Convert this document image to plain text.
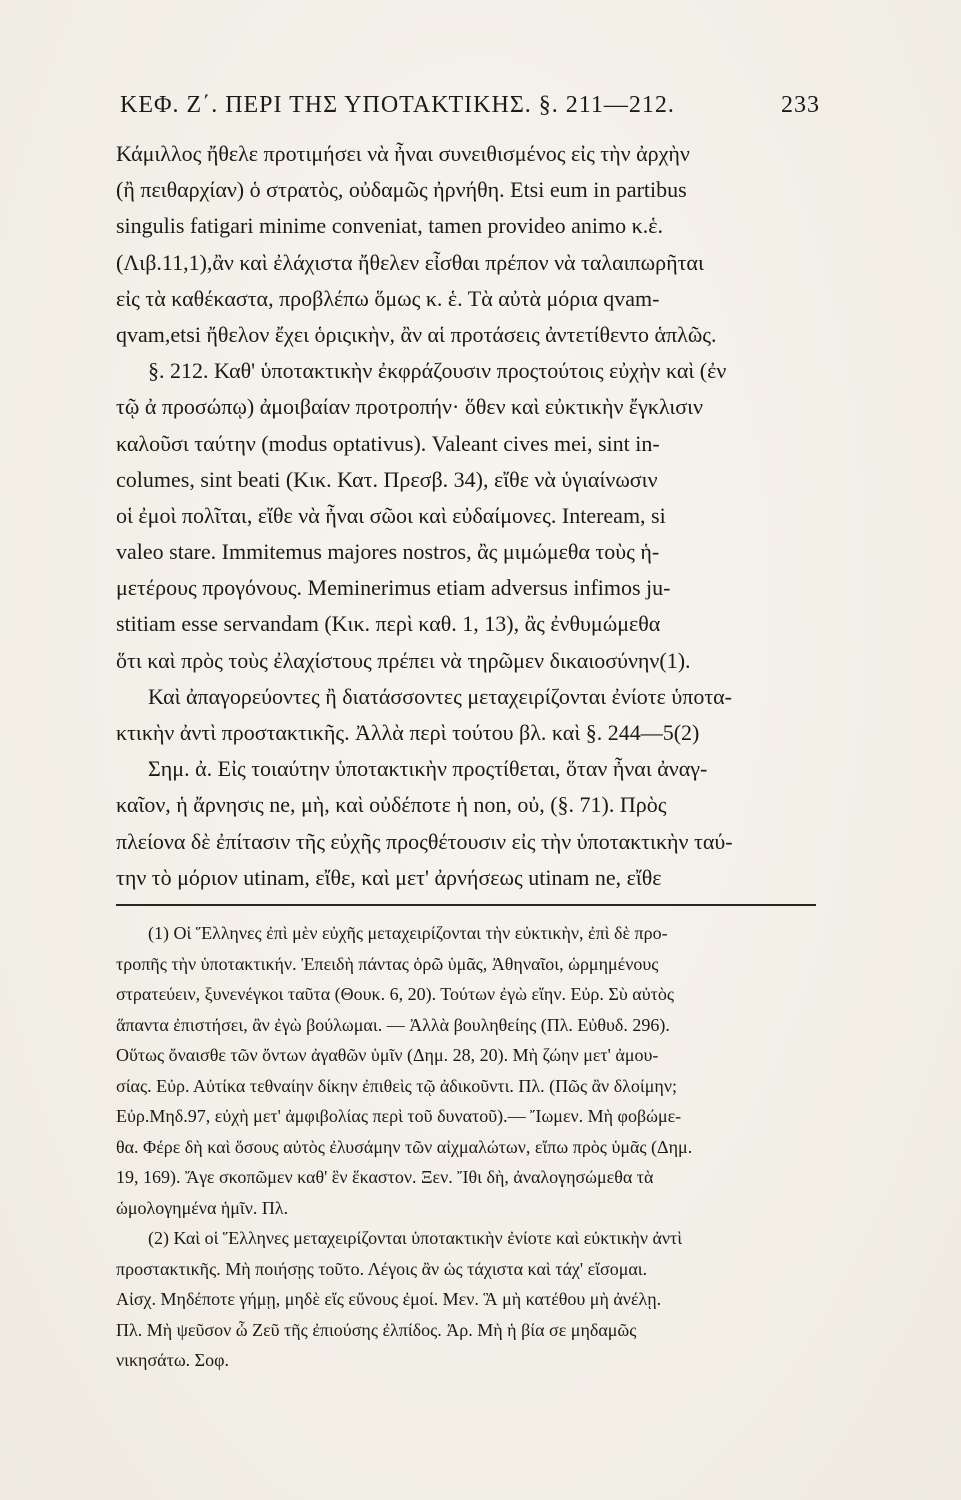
ΚΕΦ. Ζ΄. ΠΕΡΙ ΤΗΣ ΥΠΟΤΑΚΤΙΚΗΣ. §. 211—212.	233
Κάμιλλος ἤθελε προτιμήσει νὰ ἦναι συνειθισμένος εἰς τὴν ἀρχὴν
(ἢ πειθαρχίαν) ὁ στρατὸς, οὐδαμῶς ἠρνήθη. Etsi eum in partibus
singulis fatigari minime conveniat, tamen provideo animo κ.ἑ.
(Λιβ.11,1),ἂν καὶ ἐλάχιστα ἤθελεν εἶσθαι πρέπον νὰ ταλαιπωρῆται
εἰς τὰ καθέκαστα, προβλέπω ὅμως κ. ἑ. Τὰ αὐτὰ μόρια qvam-
qvam,etsi ἤθελον ἔχει ὁριςικὴν, ἂν αἱ προτάσεις ἀντετίθεντο ἁπλῶς.
§. 212. Καθ' ὑποτακτικὴν ἐκφράζουσιν προςτούτοις εὐχὴν καὶ (ἐν
τῷ ἀ προσώπῳ) ἀμοιβαίαν προτροπήν· ὅθεν καὶ εὐκτικὴν ἔγκλισιν
καλοῦσι ταύτην (modus optativus). Valeant cives mei, sint in-
columes, sint beati (Κικ. Κατ. Πρεσβ. 34), εἴθε νὰ ὑγιαίνωσιν
οἱ ἐμοὶ πολῖται, εἴθε νὰ ἦναι σῶοι καὶ εὐδαίμονες. Inteream, si
valeo stare. Immitemus majores nostros, ἂς μιμώμεθα τοὺς ἡ-
μετέρους προγόνους. Meminerimus etiam adversus infimos ju-
stitiam esse servandam (Κικ. περὶ καθ. 1, 13), ἂς ἐνθυμώμεθα
ὅτι καὶ πρὸς τοὺς ἐλαχίστους πρέπει νὰ τηρῶμεν δικαιοσύνην(1).
Καὶ ἀπαγορεύοντες ἢ διατάσσοντες μεταχειρίζονται ἐνίοτε ὑποτα-
κτικὴν ἀντὶ προστακτικῆς. Ἀλλὰ περὶ τούτου βλ. καὶ §. 244—5(2)
Σημ. ἀ. Εἰς τοιαύτην ὑποτακτικὴν προςτίθεται, ὅταν ἦναι ἀναγ-
καῖον, ἡ ἄρνησις ne, μὴ, καὶ οὐδέποτε ἡ non, οὐ, (§. 71). Πρὸς
πλείονα δὲ ἐπίτασιν τῆς εὐχῆς προςθέτουσιν εἰς τὴν ὑποτακτικὴν ταύ-
την τὸ μόριον utinam, εἴθε, καὶ μετ' ἀρνήσεως utinam ne, εἴθε
(1) Οἱ Ἕλληνες ἐπὶ μὲν εὐχῆς μεταχειρίζονται τὴν εὐκτικὴν, ἐπὶ δὲ προ-
τροπῆς τὴν ὑποτακτικήν. Ἐπειδὴ πάντας ὁρῶ ὑμᾶς, Ἀθηναῖοι, ὡρμημένους
στρατεύειν, ξυνενέγκοι ταῦτα (Θουκ. 6, 20). Τούτων ἐγὼ εἴην. Εὐρ. Σὺ αὐτὸς
ἅπαντα ἐπιστήσει, ἂν ἐγὼ βούλωμαι. — Ἀλλὰ βουληθείης (Πλ. Εὐθυδ. 296).
Οὕτως ὄναισθε τῶν ὄντων ἀγαθῶν ὑμῖν (Δημ. 28, 20). Μὴ ζώην μετ' ἀμου-
σίας. Εὐρ. Αὐτίκα τεθναίην δίκην ἐπιθεὶς τῷ ἀδικοῦντι. Πλ. (Πῶς ἂν δλοίμην;
Εὐρ.Μηδ.97, εὐχὴ μετ' ἀμφιβολίας περὶ τοῦ δυνατοῦ).— Ἴωμεν. Μὴ φοβώμε-
θα. Φέρε δὴ καὶ ὅσους αὐτὸς ἐλυσάμην τῶν αἰχμαλώτων, εἴπω πρὸς ὑμᾶς (Δημ.
19, 169). Ἄγε σκοπῶμεν καθ' ἓν ἕκαστον. Ξεν. Ἴθι δὴ, ἀναλογησώμεθα τὰ
ὡμολογημένα ἡμῖν. Πλ.
(2) Καὶ οἱ Ἕλληνες μεταχειρίζονται ὑποτακτικὴν ἐνίοτε καὶ εὐκτικὴν ἀντὶ
προστακτικῆς. Μὴ ποιήσῃς τοῦτο. Λέγοις ἂν ὡς τάχιστα καὶ τάχ' εἴσομαι.
Αἰσχ. Μηδέποτε γήμῃ, μηδὲ εἴς εὔνους ἐμοί. Μεν. Ἃ μὴ κατέθου μὴ ἀνέλῃ.
Πλ. Μὴ ψεῦσον ὦ Ζεῦ τῆς ἐπιούσης ἐλπίδος. Ἀρ. Μὴ ἡ βία σε μηδαμῶς
νικησάτω. Σοφ.
